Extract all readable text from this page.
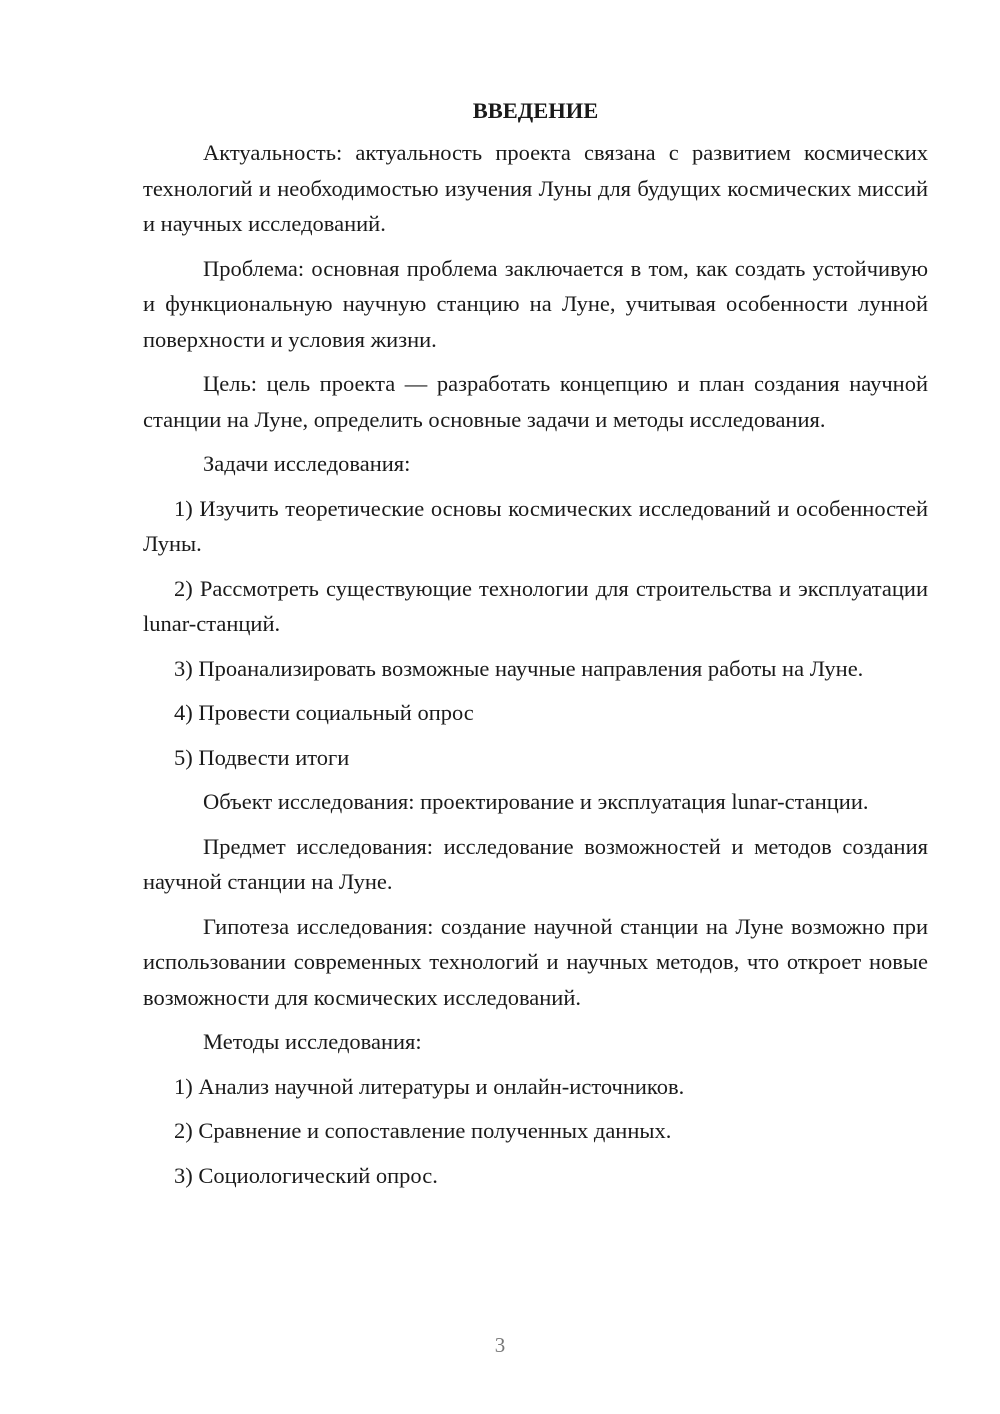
ВВЕДЕНИЕ

Актуальность: актуальность проекта связана с развитием космических технологий и необходимостью изучения Луны для будущих космических миссий и научных исследований.

Проблема: основная проблема заключается в том, как создать устойчивую и функциональную научную станцию на Луне, учитывая особенности лунной поверхности и условия жизни.

Цель: цель проекта — разработать концепцию и план создания научной станции на Луне, определить основные задачи и методы исследования.

Задачи исследования:

1) Изучить теоретические основы космических исследований и особенностей Луны.

2) Рассмотреть существующие технологии для строительства и эксплуатации lunar-станций.

3) Проанализировать возможные научные направления работы на Луне.

4) Провести социальный опрос

5) Подвести итоги

Объект исследования: проектирование и эксплуатация lunar-станции.

Предмет исследования: исследование возможностей и методов создания научной станции на Луне.

Гипотеза исследования: создание научной станции на Луне возможно при использовании современных технологий и научных методов, что откроет новые возможности для космических исследований.

Методы исследования:

1) Анализ научной литературы и онлайн-источников.

2) Сравнение и сопоставление полученных данных.

3) Социологический опрос.

3
